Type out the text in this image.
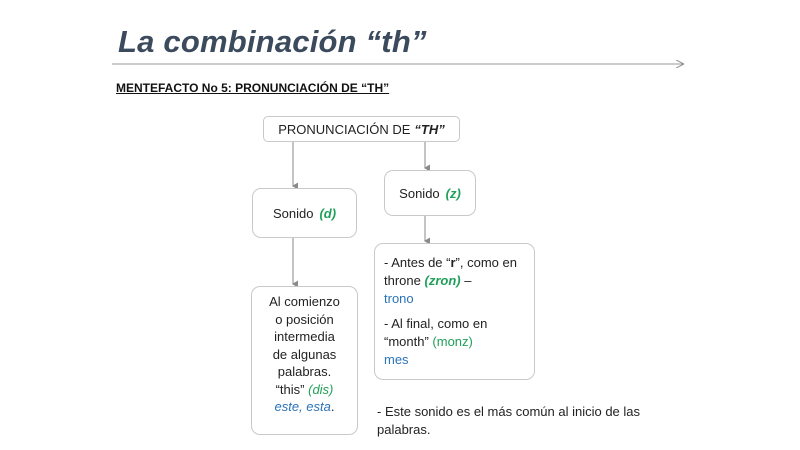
La combinación “th”
MENTEFACTO No 5: PRONUNCIACIÓN DE “TH”
PRONUNCIACIÓN DE “TH”
Sonido (d)
Sonido (z)
Al comienzo
o posición
intermedia
de algunas
palabras.
“this” (dis)
este, esta.

- Antes de “r”, como en throne (zron) –
trono

- Al final, como en “month” (monz)
mes

- Este sonido es el más común al inicio de las palabras.
